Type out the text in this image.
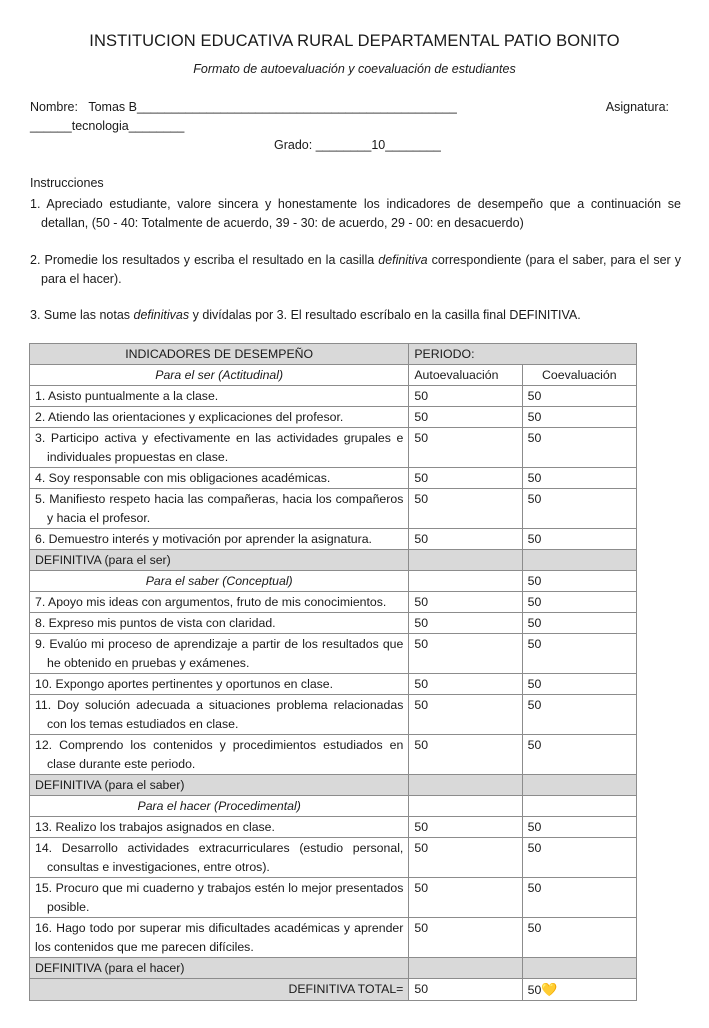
INSTITUCION EDUCATIVA RURAL DEPARTAMENTAL PATIO BONITO
Formato de autoevaluación y coevaluación de estudiantes
Nombre: Tomas B______________________________________________	Asignatura:
______tecnologia________
Grado: ________10________
Instrucciones
1. Apreciado estudiante, valore sincera y honestamente los indicadores de desempeño que a continuación se detallan, (50 - 40: Totalmente de acuerdo, 39 - 30: de acuerdo, 29 - 00: en desacuerdo)
2. Promedie los resultados y escriba el resultado en la casilla definitiva correspondiente (para el saber, para el ser y para el hacer).
3. Sume las notas definitivas y divídalas por 3. El resultado escríbalo en la casilla final DEFINITIVA.
INDICADORES DE DESEMPEÑO	PERIODO:	
Para el ser (Actitudinal)	Autoevaluación	Coevaluación
1. Asisto puntualmente a la clase.	50	50
2. Atiendo las orientaciones y explicaciones del profesor.	50	50
3. Participo activa y efectivamente en las actividades grupales e individuales propuestas en clase.	50	50
4. Soy responsable con mis obligaciones académicas.	50	50
5. Manifiesto respeto hacia las compañeras, hacia los compañeros y hacia el profesor.	50	50
6. Demuestro interés y motivación por aprender la asignatura.	50	50
DEFINITIVA (para el ser)		
Para el saber (Conceptual)		50
7. Apoyo mis ideas con argumentos, fruto de mis conocimientos.	50	50
8. Expreso mis puntos de vista con claridad.	50	50
9. Evalúo mi proceso de aprendizaje a partir de los resultados que he obtenido en pruebas y exámenes.	50	50
10. Expongo aportes pertinentes y oportunos en clase.	50	50
11. Doy solución adecuada a situaciones problema relacionadas con los temas estudiados en clase.	50	50
12. Comprendo los contenidos y procedimientos estudiados en clase durante este periodo.	50	50
DEFINITIVA (para el saber)		
Para el hacer (Procedimental)		
13. Realizo los trabajos asignados en clase.	50	50
14. Desarrollo actividades extracurriculares (estudio personal, consultas e investigaciones, entre otros).	50	50
15. Procuro que mi cuaderno y trabajos estén lo mejor presentados posible.	50	50
16. Hago todo por superar mis dificultades académicas y aprender los contenidos que me parecen difíciles.	50	50
DEFINITIVA (para el hacer)		
DEFINITIVA TOTAL=	50	50💛
